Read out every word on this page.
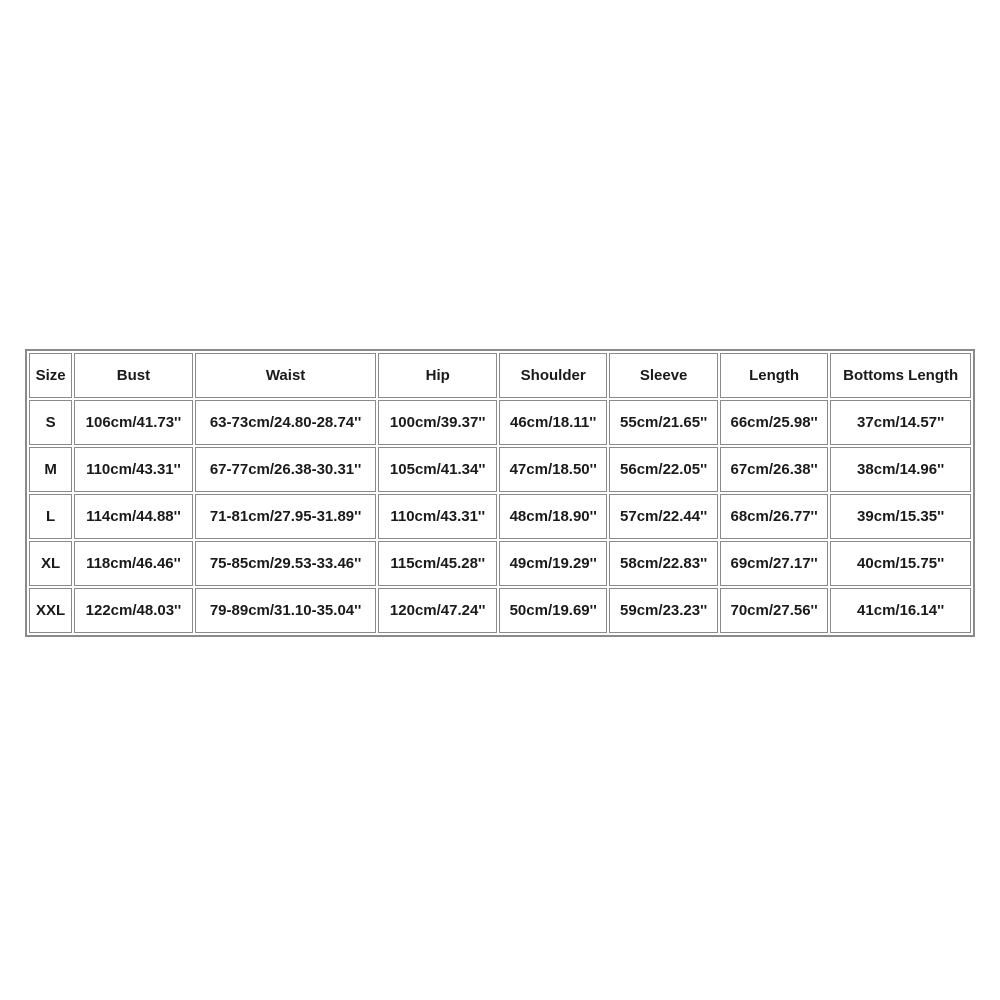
Size	Bust	Waist	Hip	Shoulder	Sleeve	Length	Bottoms Length
S	106cm/41.73''	63-73cm/24.80-28.74''	100cm/39.37''	46cm/18.11''	55cm/21.65''	66cm/25.98''	37cm/14.57''
M	110cm/43.31''	67-77cm/26.38-30.31''	105cm/41.34''	47cm/18.50''	56cm/22.05''	67cm/26.38''	38cm/14.96''
L	114cm/44.88''	71-81cm/27.95-31.89''	110cm/43.31''	48cm/18.90''	57cm/22.44''	68cm/26.77''	39cm/15.35''
XL	118cm/46.46''	75-85cm/29.53-33.46''	115cm/45.28''	49cm/19.29''	58cm/22.83''	69cm/27.17''	40cm/15.75''
XXL	122cm/48.03''	79-89cm/31.10-35.04''	120cm/47.24''	50cm/19.69''	59cm/23.23''	70cm/27.56''	41cm/16.14''
